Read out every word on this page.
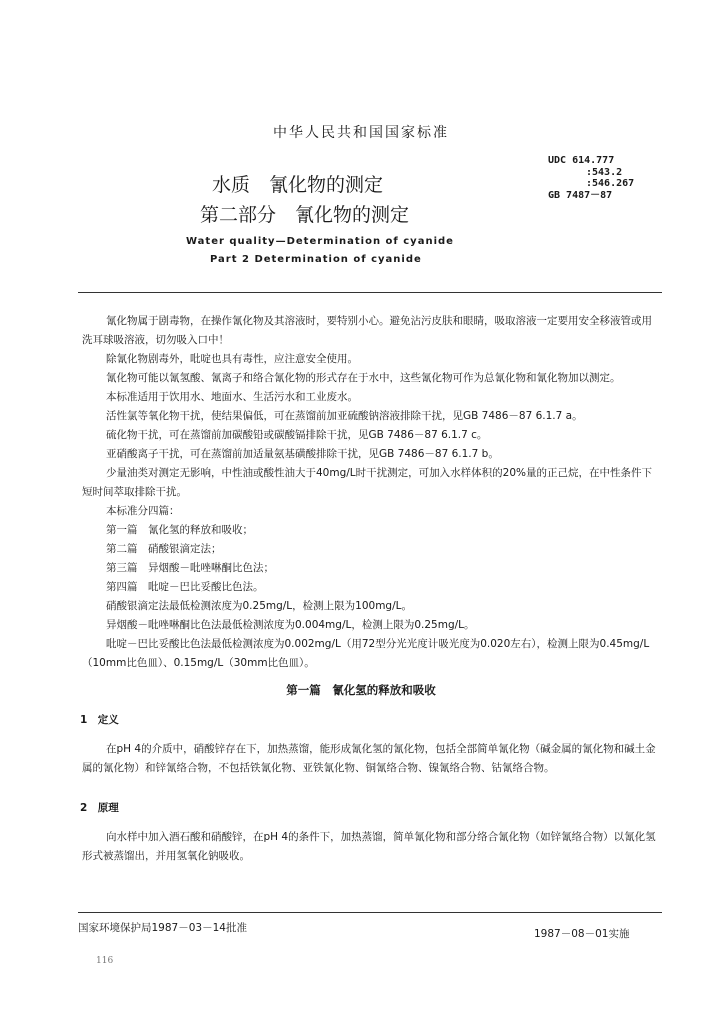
中华人民共和国国家标准
水质　氰化物的测定
第二部分　氰化物的测定
Water quality—Determination of cyanide
Part 2 Determination of cyanide
UDC 614.777
:543.2
:546.267
GB 7487－87

氰化物属于剧毒物，在操作氰化物及其溶液时，要特别小心。避免沾污皮肤和眼睛，吸取溶液一定要用安全移液管或用洗耳球吸溶液，切勿吸入口中！

除氰化物剧毒外，吡啶也具有毒性，应注意安全使用。

氰化物可能以氰氢酸、氰离子和络合氰化物的形式存在于水中，这些氰化物可作为总氰化物和氰化物加以测定。

本标准适用于饮用水、地面水、生活污水和工业废水。

活性氯等氧化物干扰，使结果偏低，可在蒸馏前加亚硫酸钠溶液排除干扰，见GB 7486－87 6.1.7 a。

硫化物干扰，可在蒸馏前加碳酸铅或碳酸镉排除干扰，见GB 7486－87 6.1.7 c。

亚硝酸离子干扰，可在蒸馏前加适量氨基磺酸排除干扰，见GB 7486－87 6.1.7 b。

少量油类对测定无影响，中性油或酸性油大于40mg/L时干扰测定，可加入水样体积的20%量的正己烷，在中性条件下短时间萃取排除干扰。

本标准分四篇：

第一篇　氰化氢的释放和吸收；

第二篇　硝酸银滴定法；

第三篇　异烟酸－吡唑啉酮比色法；

第四篇　吡啶－巴比妥酸比色法。

硝酸银滴定法最低检测浓度为0.25mg/L，检测上限为100mg/L。

异烟酸－吡唑啉酮比色法最低检测浓度为0.004mg/L，检测上限为0.25mg/L。

吡啶－巴比妥酸比色法最低检测浓度为0.002mg/L（用72型分光光度计吸光度为0.020左右），检测上限为0.45mg/L（10mm比色皿）、0.15mg/L（30mm比色皿）。

第一篇　氰化氢的释放和吸收
1　定义

在pH 4的介质中，硝酸锌存在下，加热蒸馏，能形成氰化氢的氰化物，包括全部简单氰化物（碱金属的氰化物和碱土金属的氰化物）和锌氰络合物，不包括铁氰化物、亚铁氰化物、铜氰络合物、镍氰络合物、钴氰络合物。

2　原理

向水样中加入酒石酸和硝酸锌，在pH 4的条件下，加热蒸馏，简单氰化物和部分络合氰化物（如锌氰络合物）以氰化氢形式被蒸馏出，并用氢氧化钠吸收。

国家环境保护局1987－03－14批准	1987－08－01实施
116
